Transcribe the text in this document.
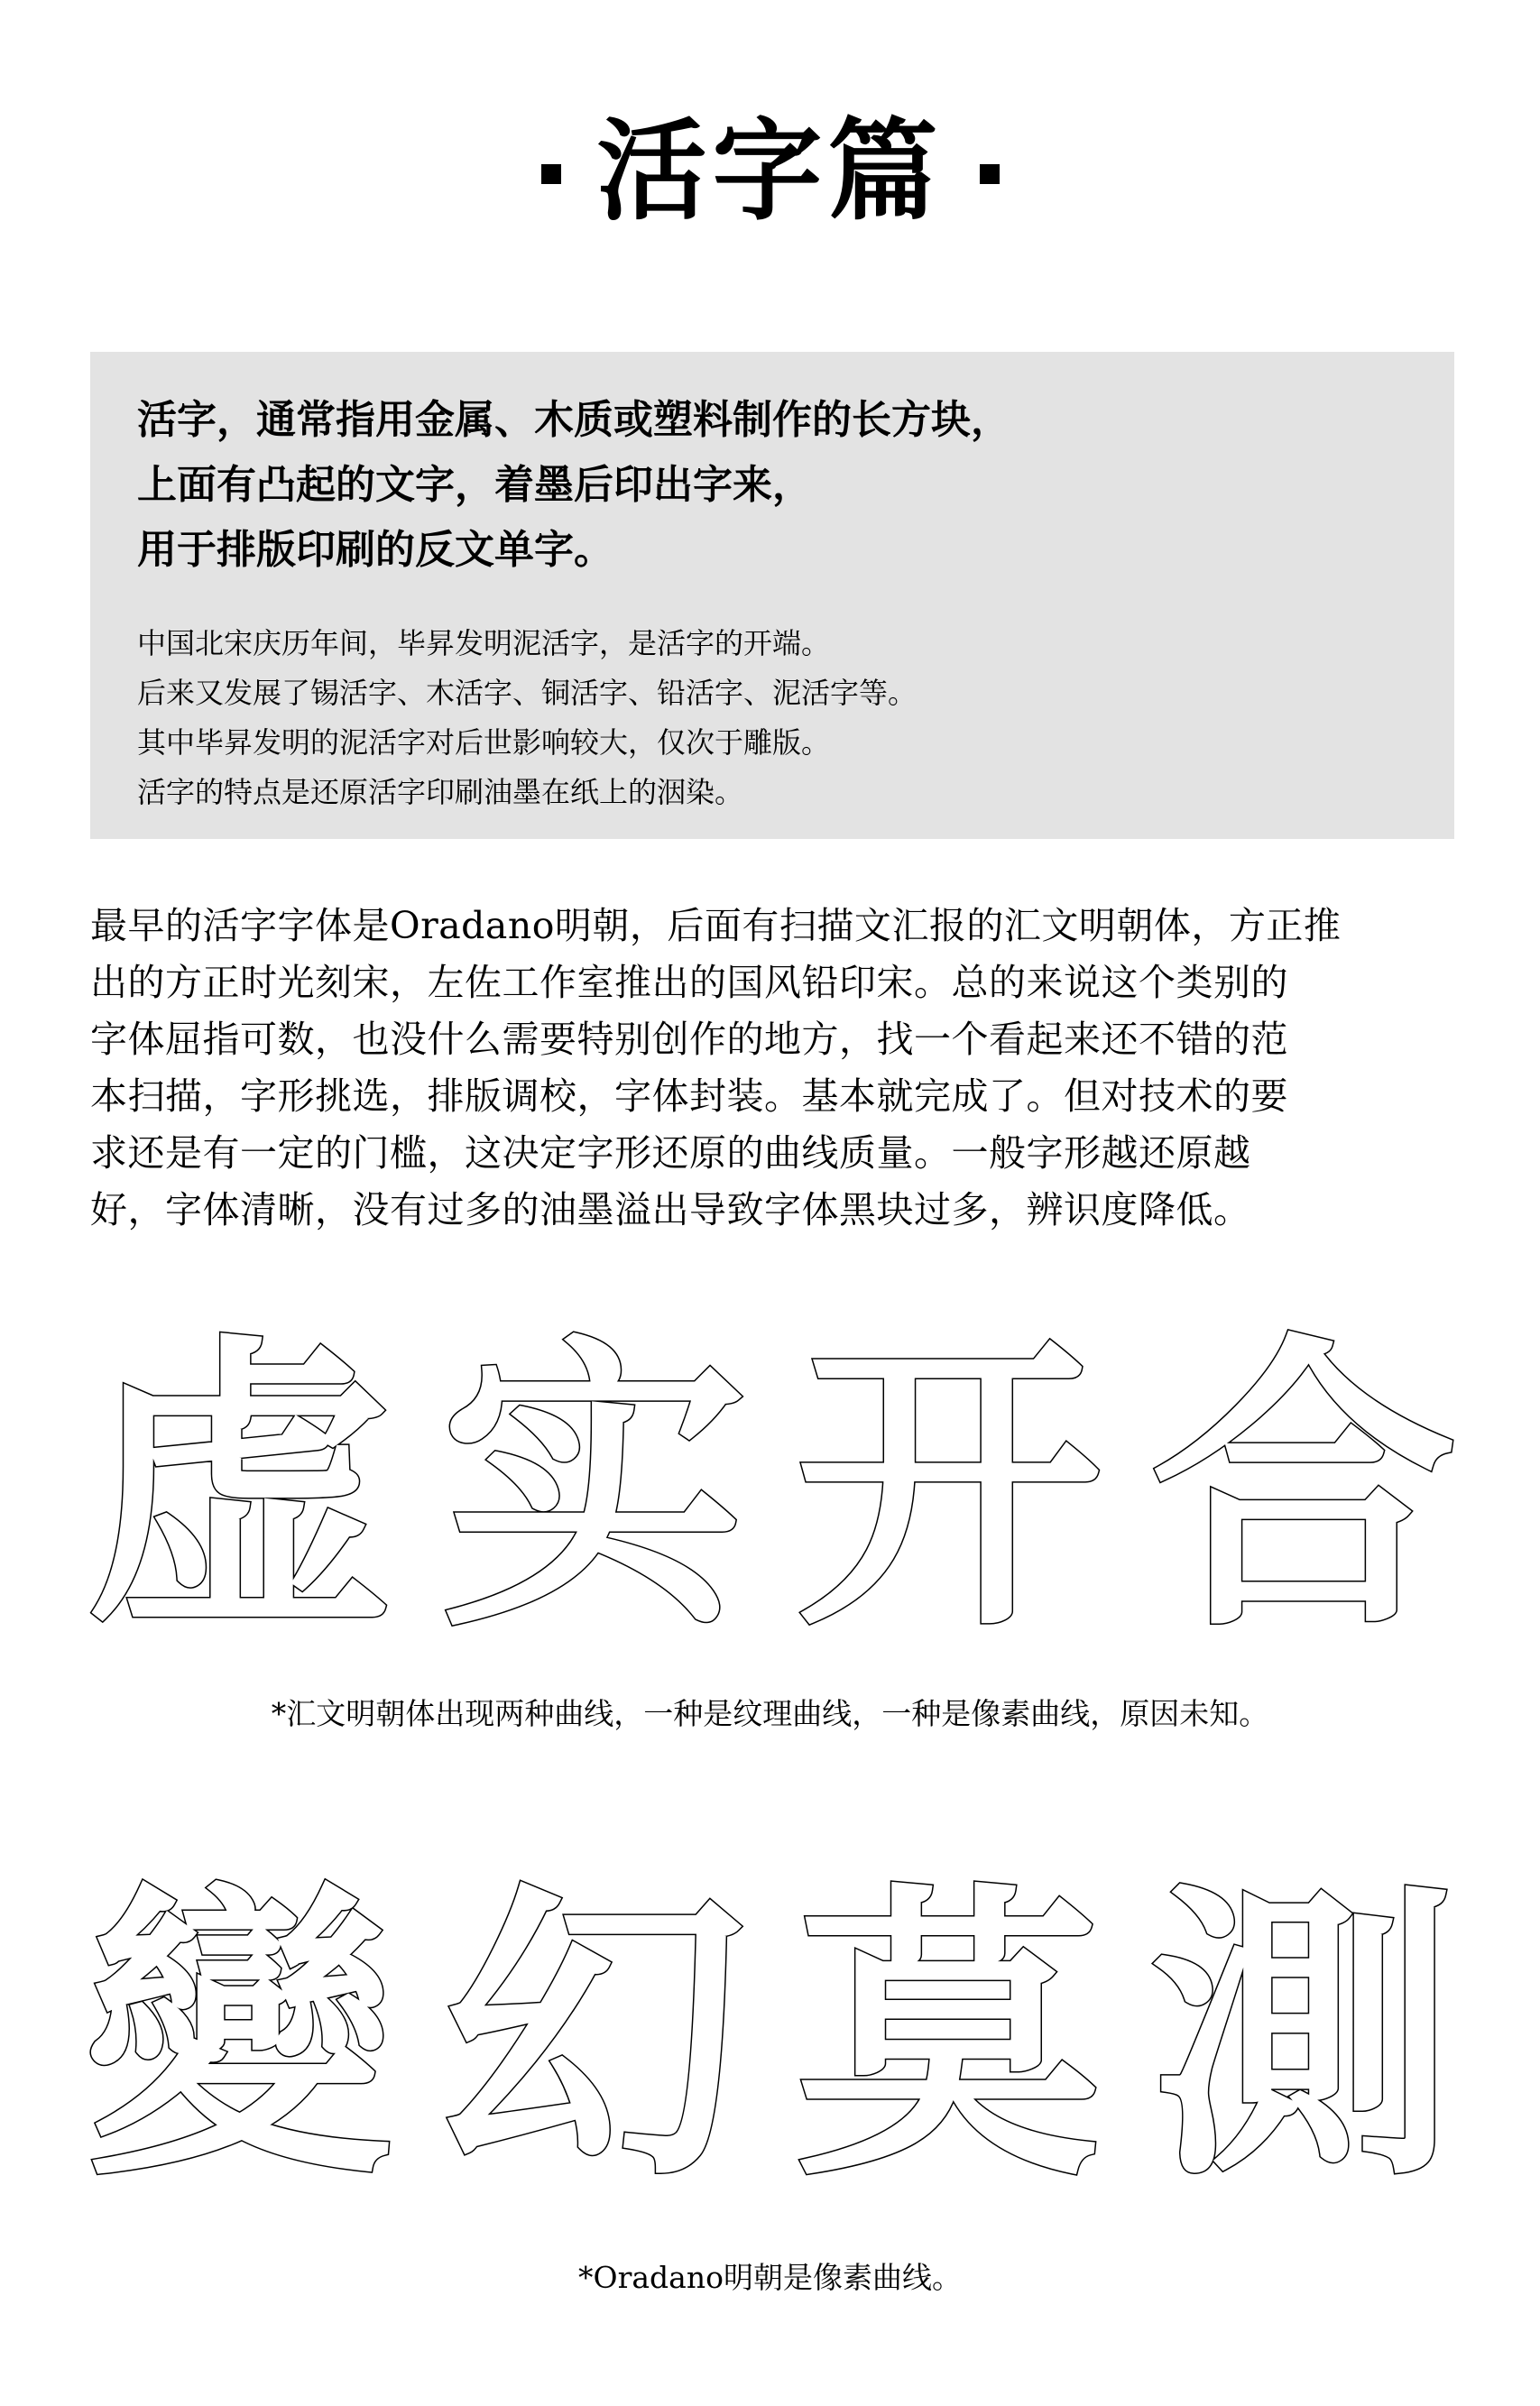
活字篇
活字，通常指用金属、木质或塑料制作的长方块，
上面有凸起的文字，着墨后印出字来，
用于排版印刷的反文单字。
中国北宋庆历年间，毕昇发明泥活字，是活字的开端。
后来又发展了锡活字、木活字、铜活字、铅活字、泥活字等。
其中毕昇发明的泥活字对后世影响较大，仅次于雕版。
活字的特点是还原活字印刷油墨在纸上的洇染。
最早的活字字体是Oradano明朝，后面有扫描文汇报的汇文明朝体，方正推
出的方正时光刻宋，左佐工作室推出的国风铅印宋。总的来说这个类别的
字体屈指可数，也没什么需要特别创作的地方，找一个看起来还不错的范
本扫描，字形挑选，排版调校，字体封装。基本就完成了。但对技术的要
求还是有一定的门槛，这决定字形还原的曲线质量。一般字形越还原越
好，字体清晰，没有过多的油墨溢出导致字体黑块过多，辨识度降低。
虚 实 开 合
*汇文明朝体出现两种曲线，一种是纹理曲线，一种是像素曲线，原因未知。
變 幻 莫 測
*Oradano明朝是像素曲线。
